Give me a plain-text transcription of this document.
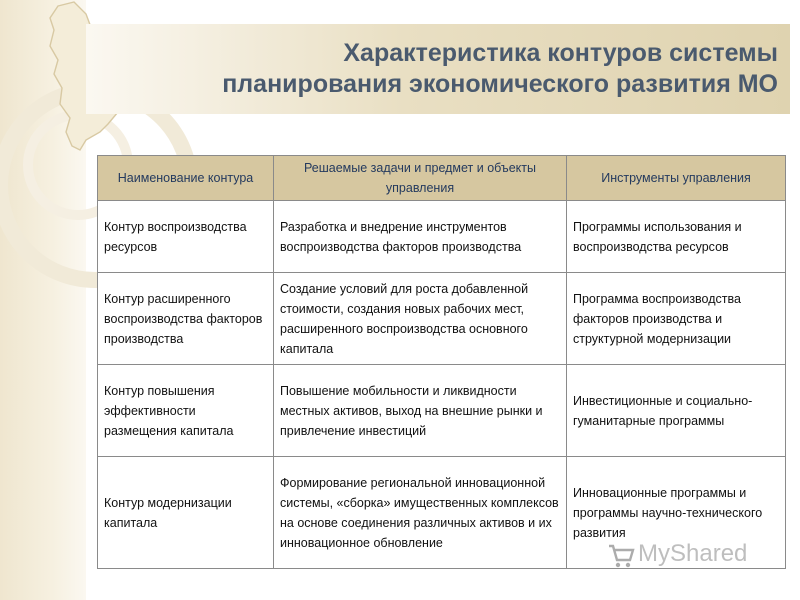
Характеристика контуров системы
планирования экономического развития МО
Наименование контура	Решаемые задачи и предмет и объекты управления	Инструменты управления
Контур воспроизводства ресурсов	Разработка и внедрение инструментов воспроизводства факторов производства	Программы использования и воспроизводства ресурсов
Контур расширенного воспроизводства факторов производства	Создание условий для роста добавленной стоимости, создания новых рабочих мест, расширенного воспроизводства основного капитала	Программа воспроизводства факторов производства и структурной модернизации
Контур повышения эффективности размещения капитала	Повышение мобильности и ликвидности местных активов, выход на внешние рынки и привлечение инвестиций	Инвестиционные и социально-гуманитарные программы
Контур модернизации капитала	Формирование региональной инновационной системы, «сборка» имущественных комплексов на основе соединения различных активов и их инновационное обновление	Инновационные программы и программы научно-технического развития
MyShared
